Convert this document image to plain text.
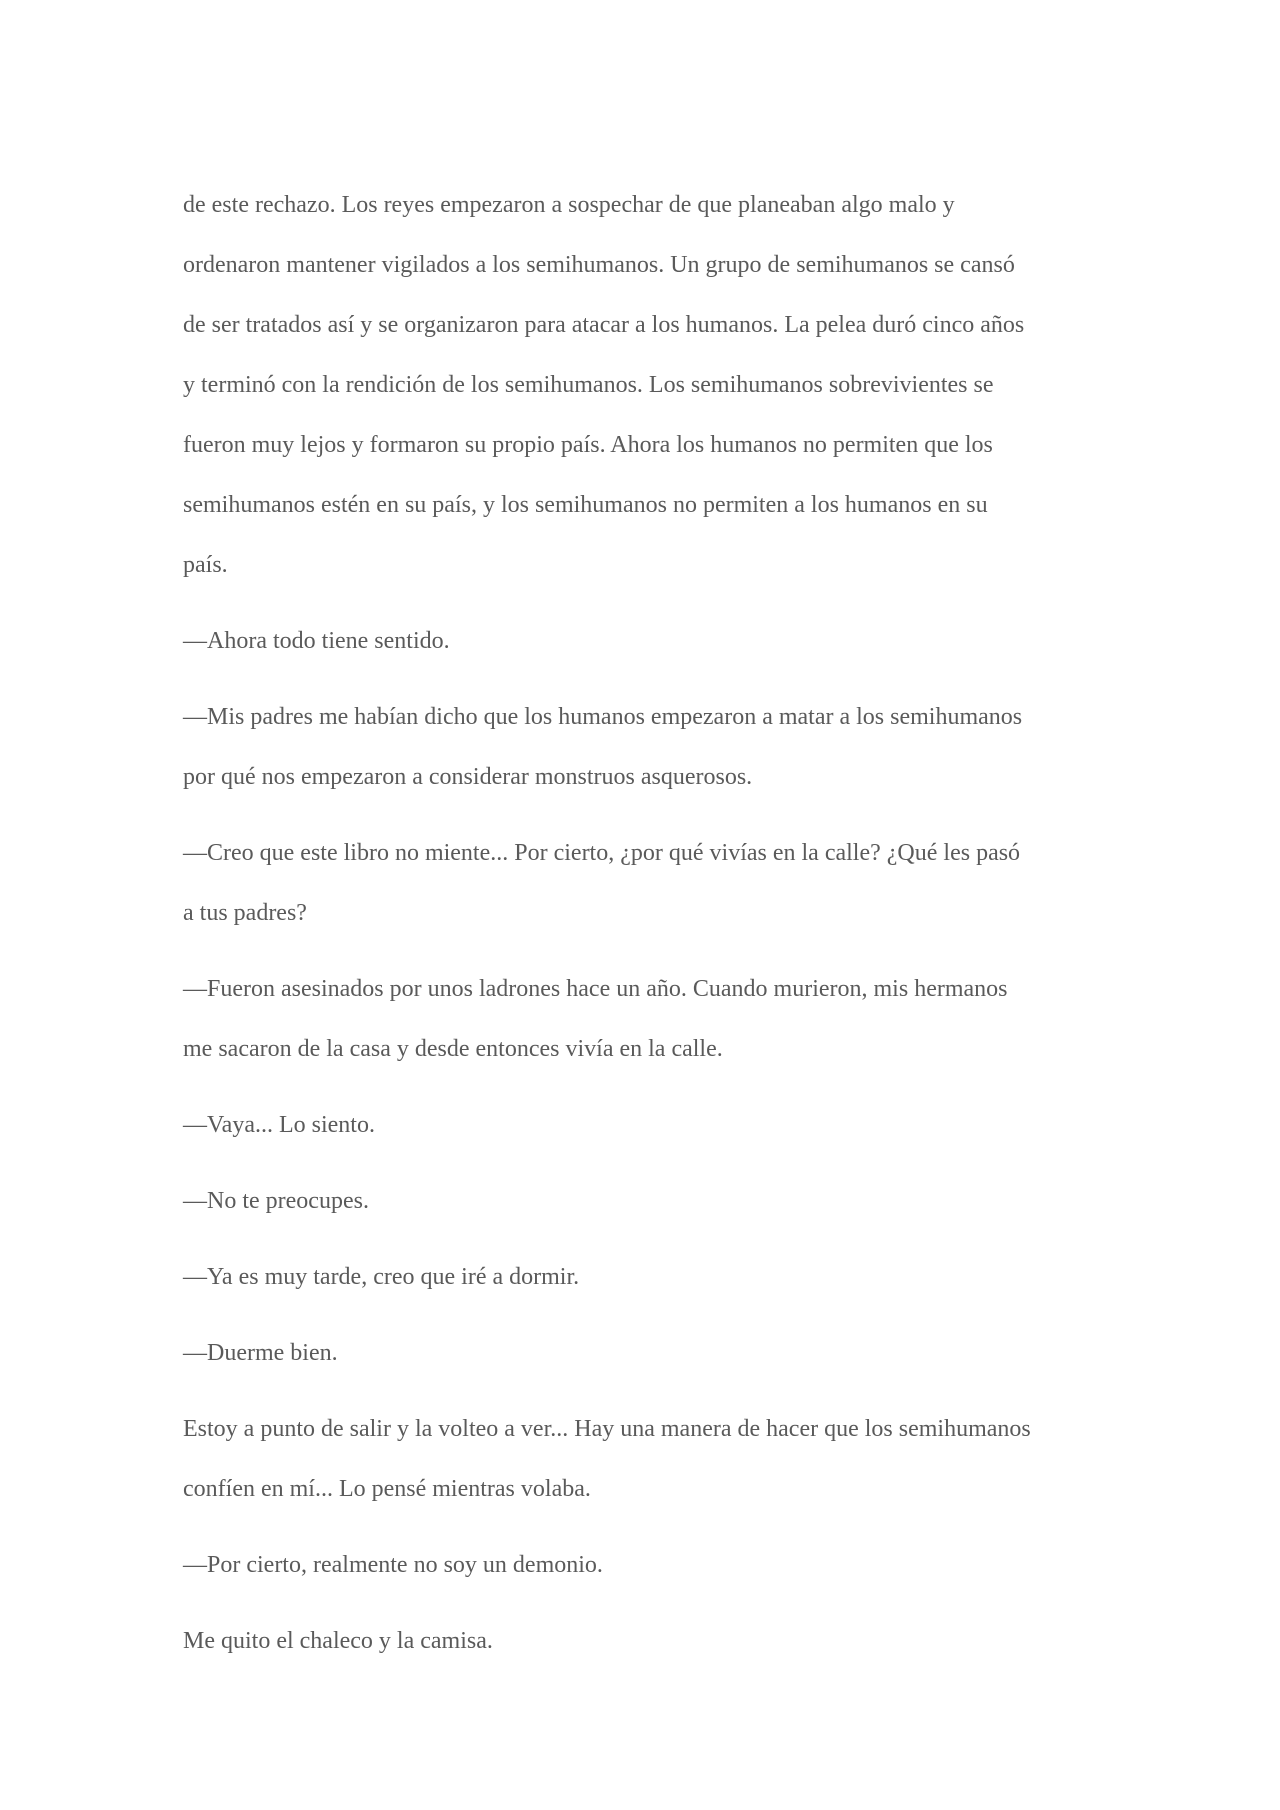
de este rechazo. Los reyes empezaron a sospechar de que planeaban algo malo y
ordenaron mantener vigilados a los semihumanos. Un grupo de semihumanos se cansó
de ser tratados así y se organizaron para atacar a los humanos. La pelea duró cinco años
y terminó con la rendición de los semihumanos. Los semihumanos sobrevivientes se
fueron muy lejos y formaron su propio país. Ahora los humanos no permiten que los
semihumanos estén en su país, y los semihumanos no permiten a los humanos en su
país.

—Ahora todo tiene sentido.

—Mis padres me habían dicho que los humanos empezaron a matar a los semihumanos
por qué nos empezaron a considerar monstruos asquerosos.

—Creo que este libro no miente... Por cierto, ¿por qué vivías en la calle? ¿Qué les pasó
a tus padres?

—Fueron asesinados por unos ladrones hace un año. Cuando murieron, mis hermanos
me sacaron de la casa y desde entonces vivía en la calle.

—Vaya... Lo siento.

—No te preocupes.

—Ya es muy tarde, creo que iré a dormir.

—Duerme bien.

Estoy a punto de salir y la volteo a ver... Hay una manera de hacer que los semihumanos
confíen en mí... Lo pensé mientras volaba.

—Por cierto, realmente no soy un demonio.

Me quito el chaleco y la camisa.
